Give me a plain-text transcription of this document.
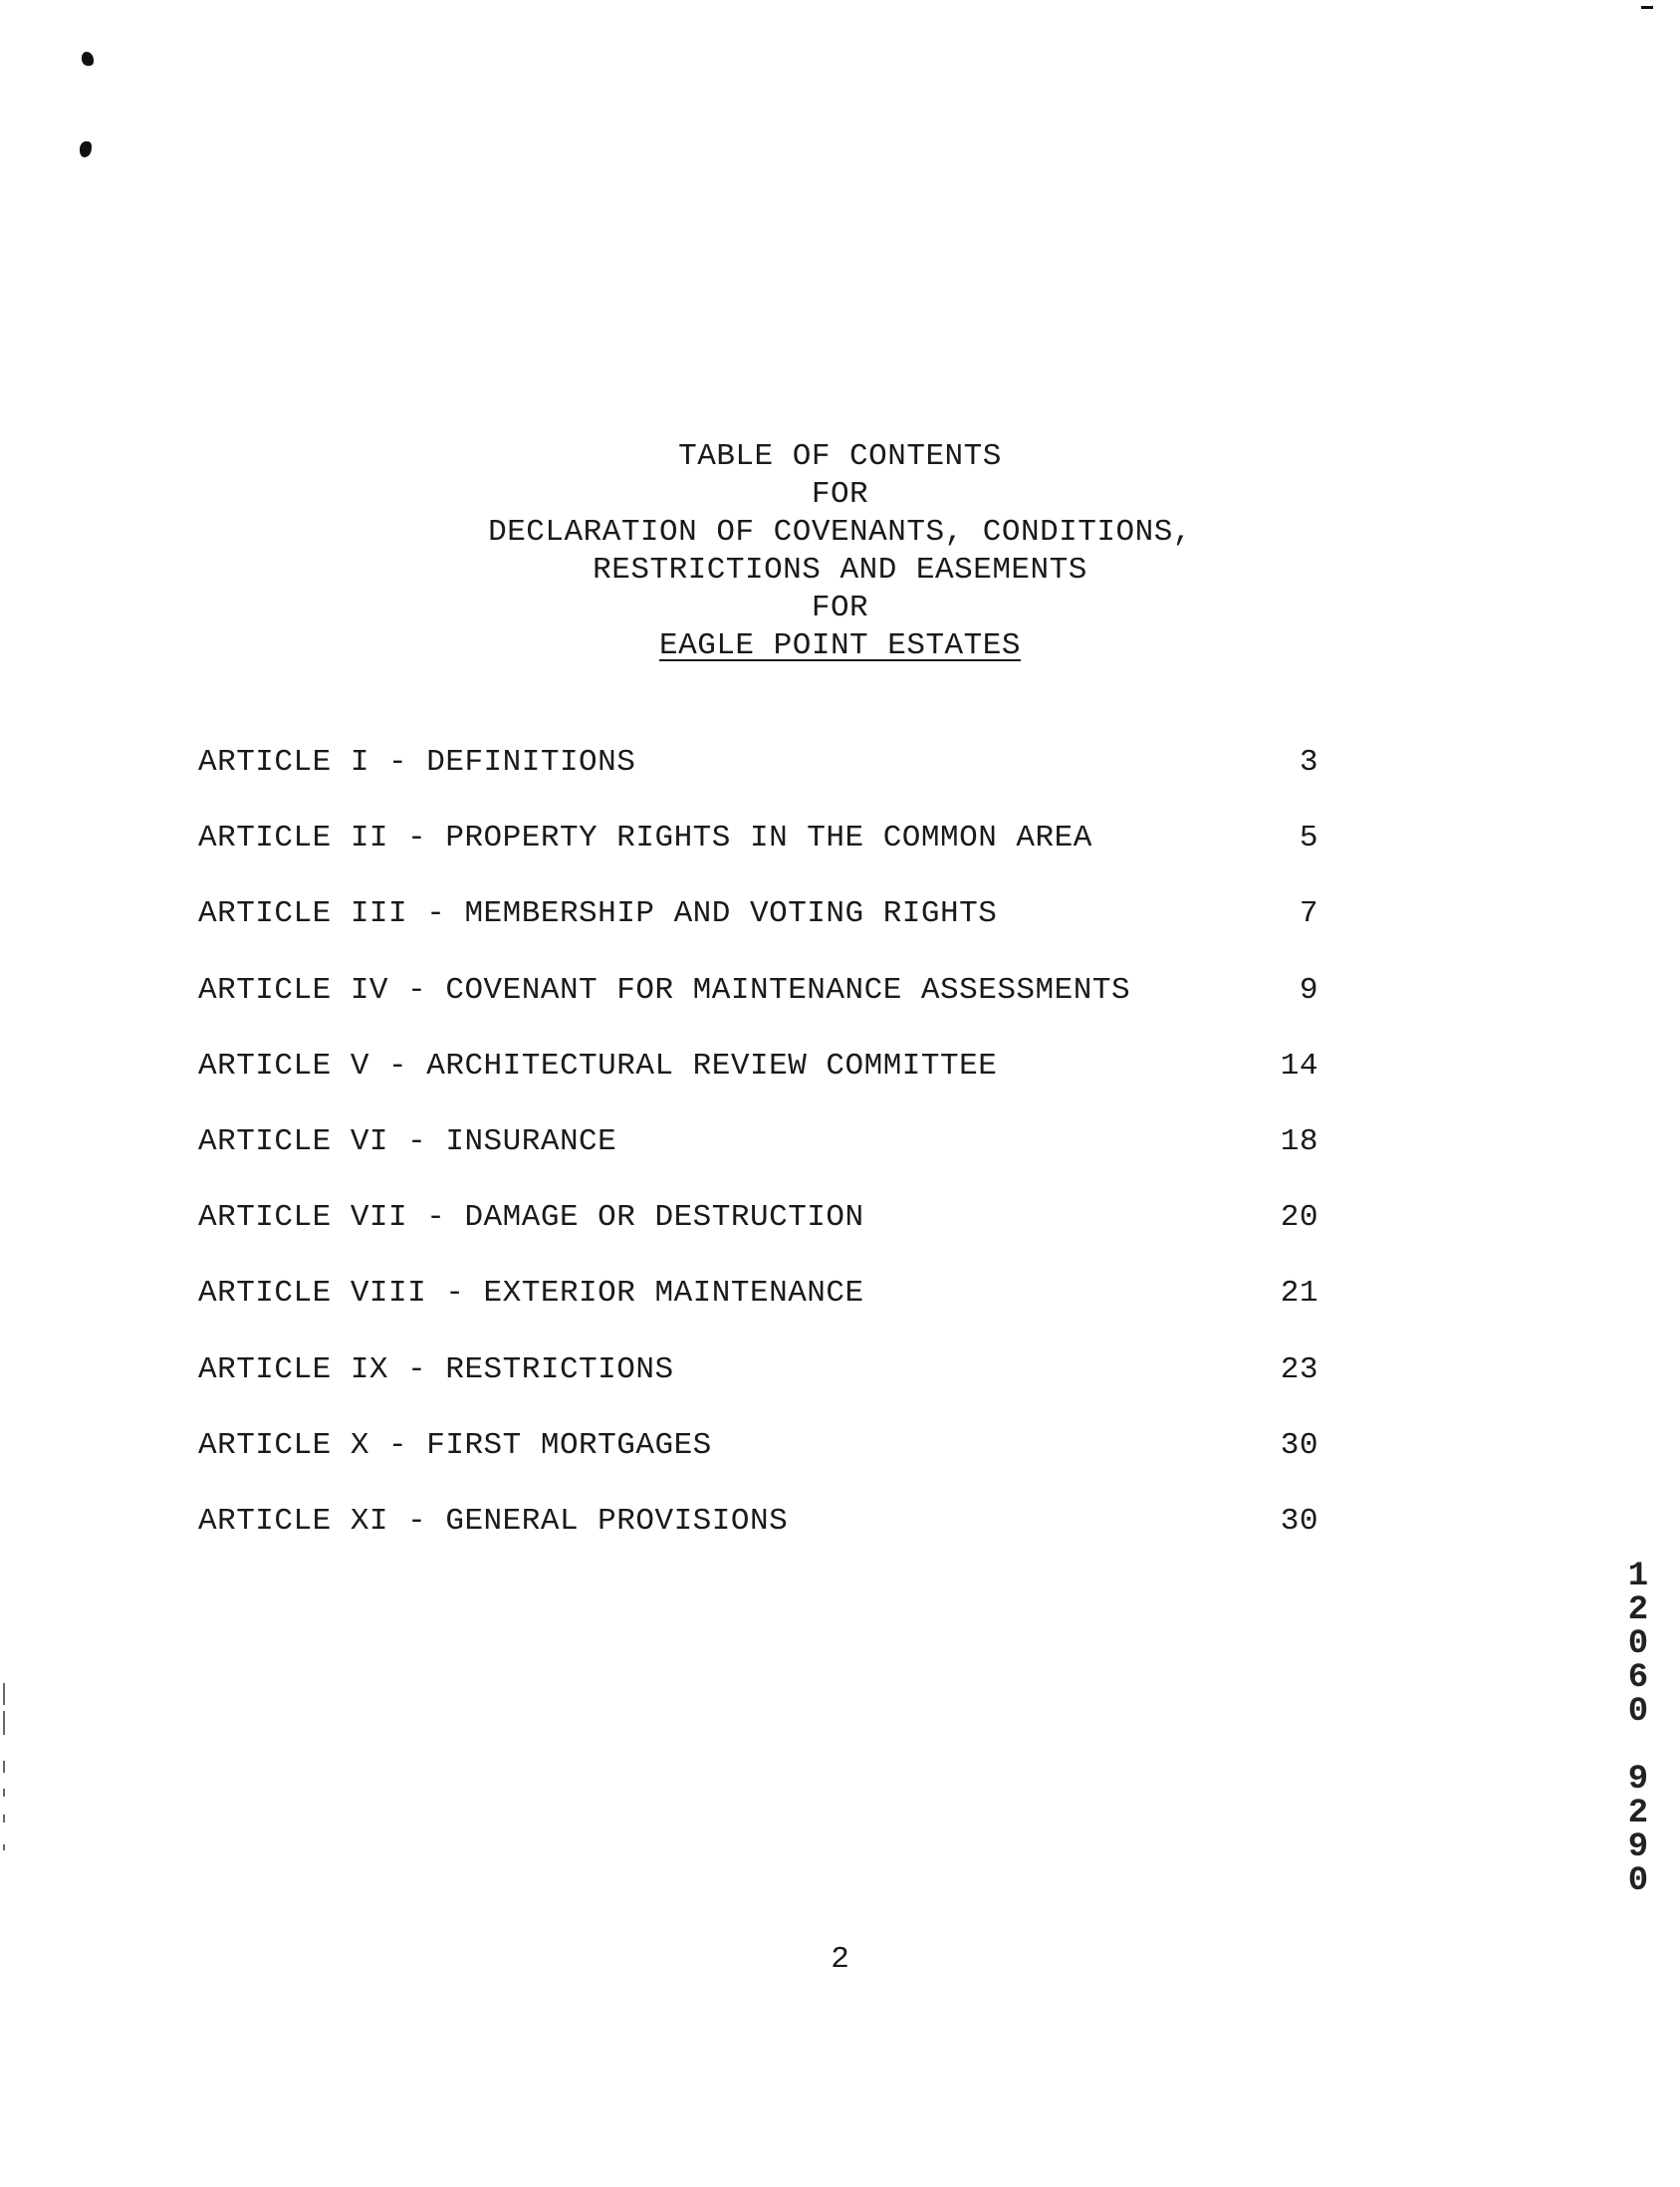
TABLE OF CONTENTS
FOR
DECLARATION OF COVENANTS, CONDITIONS,
RESTRICTIONS AND EASEMENTS
FOR
EAGLE POINT ESTATES
ARTICLE I - DEFINITIONS	3
ARTICLE II - PROPERTY RIGHTS IN THE COMMON AREA	5
ARTICLE III - MEMBERSHIP AND VOTING RIGHTS	7
ARTICLE IV - COVENANT FOR MAINTENANCE ASSESSMENTS	9
ARTICLE V - ARCHITECTURAL REVIEW COMMITTEE	14
ARTICLE VI - INSURANCE	18
ARTICLE VII - DAMAGE OR DESTRUCTION	20
ARTICLE VIII - EXTERIOR MAINTENANCE	21
ARTICLE IX - RESTRICTIONS	23
ARTICLE X - FIRST MORTGAGES	30
ARTICLE XI - GENERAL PROVISIONS	30
1
2
0
6
0
9
2
9
0
2
